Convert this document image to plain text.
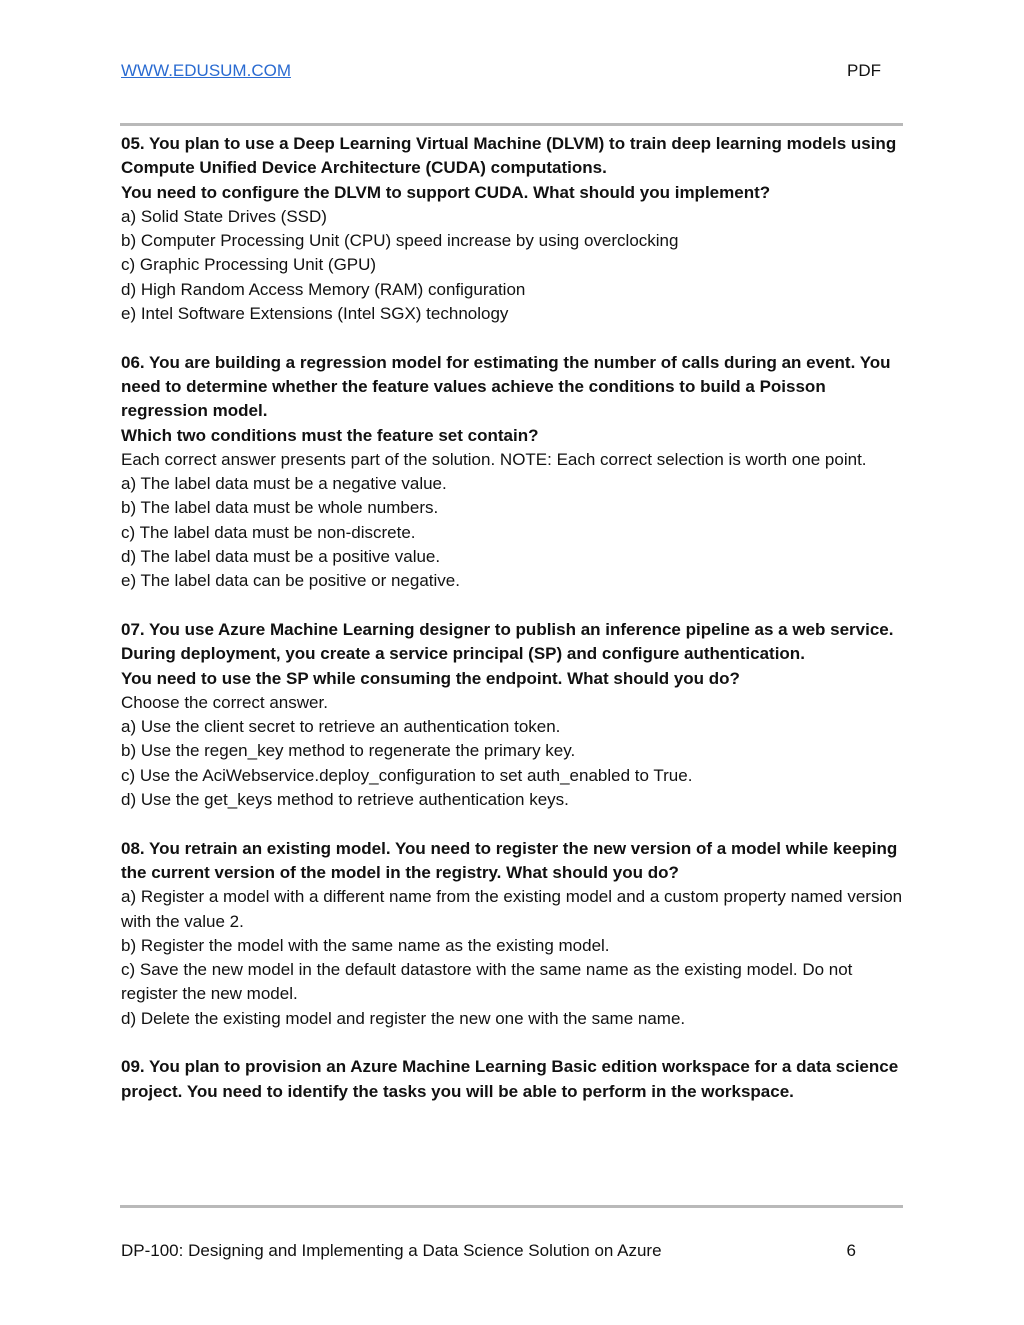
WWW.EDUSUM.COM	PDF

05. You plan to use a Deep Learning Virtual Machine (DLVM) to train deep learning models using Compute Unified Device Architecture (CUDA) computations.

You need to configure the DLVM to support CUDA. What should you implement?

a) Solid State Drives (SSD)
b) Computer Processing Unit (CPU) speed increase by using overclocking
c) Graphic Processing Unit (GPU)
d) High Random Access Memory (RAM) configuration
e) Intel Software Extensions (Intel SGX) technology

06. You are building a regression model for estimating the number of calls during an event. You need to determine whether the feature values achieve the conditions to build a Poisson regression model.

Which two conditions must the feature set contain?

Each correct answer presents part of the solution. NOTE: Each correct selection is worth one point.

a) The label data must be a negative value.
b) The label data must be whole numbers.
c) The label data must be non-discrete.
d) The label data must be a positive value.
e) The label data can be positive or negative.

07. You use Azure Machine Learning designer to publish an inference pipeline as a web service. During deployment, you create a service principal (SP) and configure authentication.

You need to use the SP while consuming the endpoint. What should you do?

Choose the correct answer.

a) Use the client secret to retrieve an authentication token.
b) Use the regen_key method to regenerate the primary key.
c) Use the AciWebservice.deploy_configuration to set auth_enabled to True.
d) Use the get_keys method to retrieve authentication keys.

08. You retrain an existing model. You need to register the new version of a model while keeping the current version of the model in the registry. What should you do?

a) Register a model with a different name from the existing model and a custom property named version with the value 2.
b) Register the model with the same name as the existing model.
c) Save the new model in the default datastore with the same name as the existing model. Do not register the new model.
d) Delete the existing model and register the new one with the same name.

09. You plan to provision an Azure Machine Learning Basic edition workspace for a data science project. You need to identify the tasks you will be able to perform in the workspace.

DP-100: Designing and Implementing a Data Science Solution on Azure	6
